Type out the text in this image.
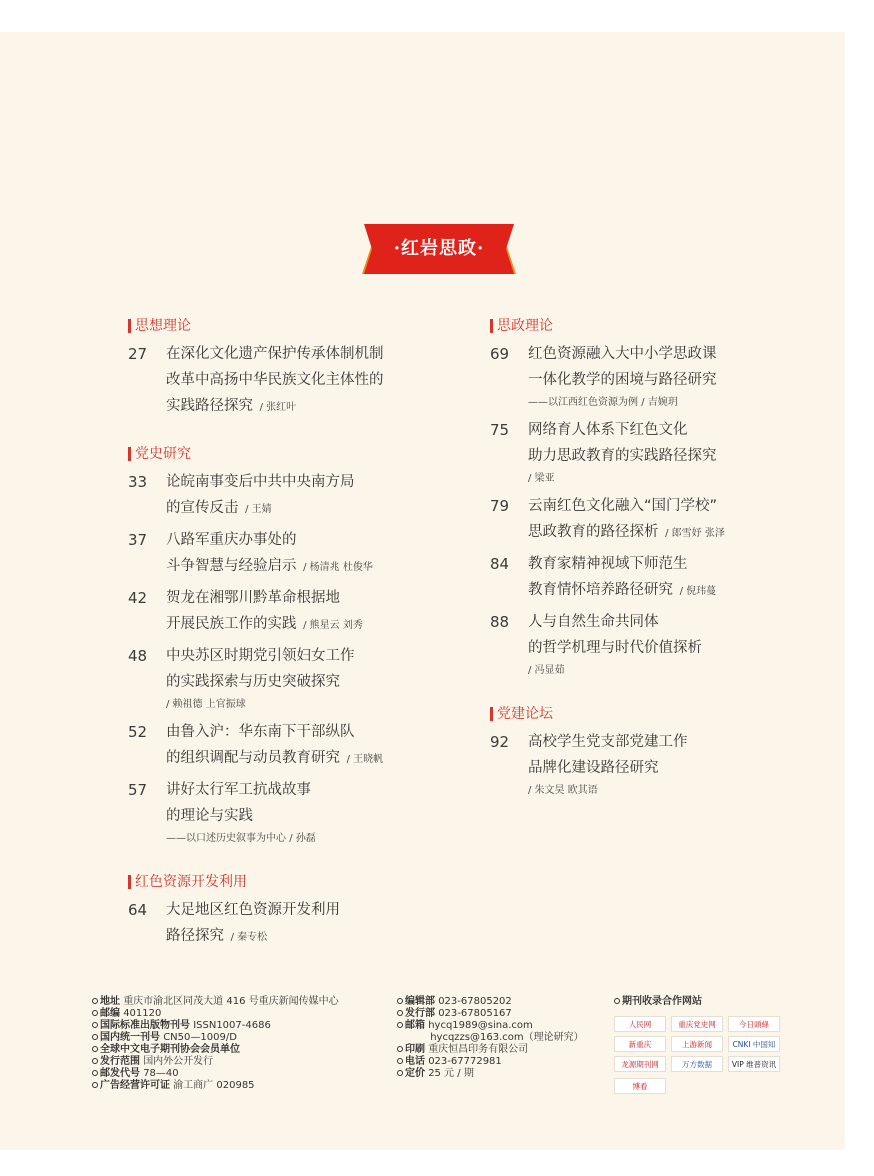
·红岩思政·
思想理论
27 在深化文化遗产保护传承体制机制
改革中高扬中华民族文化主体性的
实践路径探究 / 张红叶
党史研究
33 论皖南事变后中共中央南方局
的宣传反击 / 王婧
37 八路军重庆办事处的
斗争智慧与经验启示 / 杨清兆 杜俊华
42 贺龙在湘鄂川黔革命根据地
开展民族工作的实践 / 熊星云 刘秀
48 中央苏区时期党引领妇女工作
的实践探索与历史突破探究
/ 赖祖德 上官振球
52 由鲁入沪：华东南下干部纵队
的组织调配与动员教育研究 / 王晓帆
57 讲好太行军工抗战故事
的理论与实践
——以口述历史叙事为中心 / 孙磊
红色资源开发利用
64 大足地区红色资源开发利用
路径探究 / 秦专松
思政理论
69 红色资源融入大中小学思政课
一体化教学的困境与路径研究
——以江西红色资源为例 / 吉婉玥
75 网络育人体系下红色文化
助力思政教育的实践路径探究
/ 梁亚
79 云南红色文化融入“国门学校”
思政教育的路径探析 / 郎雪妤 张泽
84 教育家精神视域下师范生
教育情怀培养路径研究 / 倪玮蔓
88 人与自然生命共同体
的哲学机理与时代价值探析
/ 冯显茹
党建论坛
92 高校学生党支部党建工作
品牌化建设路径研究
/ 朱文昊 欧其语
地址 重庆市渝北区同茂大道 416 号重庆新闻传媒中心
邮编 401120
国际标准出版物刊号 ISSN1007-4686
国内统一刊号 CN50—1009/D
全球中文电子期刊协会会员单位
发行范围 国内外公开发行
邮发代号 78—40
广告经营许可证 渝工商广 020985
编辑部 023-67805202
发行部 023-67805167
邮箱 hycq1989@sina.com
hycqzzs@163.com（理论研究）
印刷 重庆恒昌印务有限公司
电话 023-67772981
定价 25 元 / 期
期刊收录合作网站
人民网	重庆党史网	今日頭條
新重庆	上游新闻	CNKI 中国知
龙源期刊网	万方数据	VIP 维普资讯
博看
